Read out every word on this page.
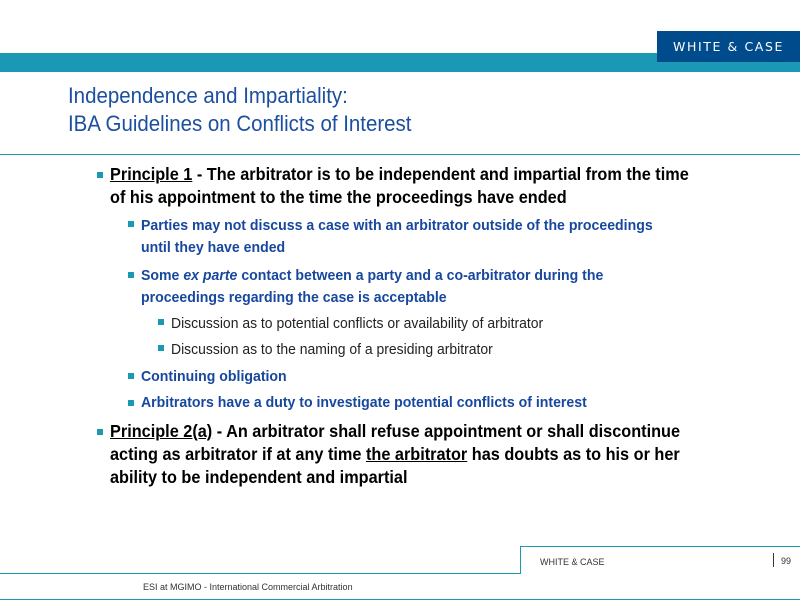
WHITE & CASE
Independence and Impartiality:
IBA Guidelines on Conflicts of Interest
Principle 1 - The arbitrator is to be independent and impartial from the time of his appointment to the time the proceedings have ended
Parties may not discuss a case with an arbitrator outside of the proceedings until they have ended
Some ex parte contact between a party and a co-arbitrator during the proceedings regarding the case is acceptable
Discussion as to potential conflicts or availability of arbitrator
Discussion as to the naming of a presiding arbitrator
Continuing obligation
Arbitrators have a duty to investigate potential conflicts of interest
Principle 2(a) - An arbitrator shall refuse appointment or shall discontinue acting as arbitrator if at any time the arbitrator has doubts as to his or her ability to be independent and impartial
WHITE & CASE	99
ESI at MGIMO - International Commercial Arbitration
